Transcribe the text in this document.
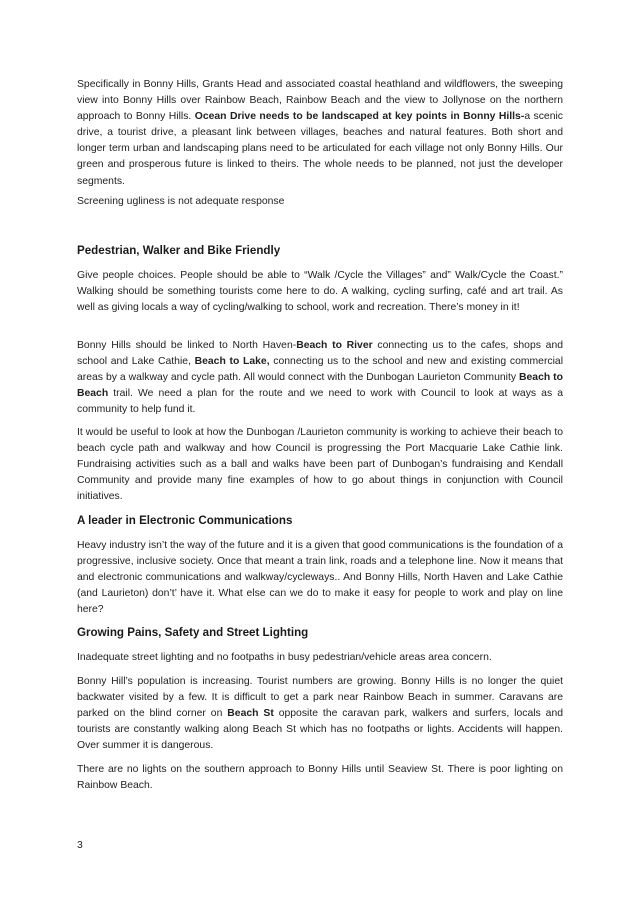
Specifically in Bonny Hills, Grants Head and associated coastal heathland and wildflowers, the sweeping view into Bonny Hills over Rainbow Beach, Rainbow Beach and the view to Jollynose on the northern approach to Bonny Hills. Ocean Drive needs to be landscaped at key points in Bonny Hills-a scenic drive, a tourist drive, a pleasant link between villages, beaches and natural features. Both short and longer term urban and landscaping plans need to be articulated for each village not only Bonny Hills. Our green and prosperous future is linked to theirs. The whole needs to be planned, not just the developer segments.

Screening ugliness is not adequate response

Pedestrian, Walker and Bike Friendly

Give people choices. People should be able to “Walk /Cycle the Villages” and” Walk/Cycle the Coast.” Walking should be something tourists come here to do. A walking, cycling surfing, café and art trail. As well as giving locals a way of cycling/walking to school, work and recreation. There’s money in it!

Bonny Hills should be linked to North Haven-Beach to River connecting us to the cafes, shops and school and Lake Cathie, Beach to Lake, connecting us to the school and new and existing commercial areas by a walkway and cycle path. All would connect with the Dunbogan Laurieton Community Beach to Beach trail. We need a plan for the route and we need to work with Council to look at ways as a community to help fund it.

It would be useful to look at how the Dunbogan /Laurieton community is working to achieve their beach to beach cycle path and walkway and how Council is progressing the Port Macquarie Lake Cathie link. Fundraising activities such as a ball and walks have been part of Dunbogan’s fundraising and Kendall Community and provide many fine examples of how to go about things in conjunction with Council initiatives.

A leader in Electronic Communications

Heavy industry isn’t the way of the future and it is a given that good communications is the foundation of a progressive, inclusive society. Once that meant a train link, roads and a telephone line. Now it means that and electronic communications and walkway/cycleways.. And Bonny Hills, North Haven and Lake Cathie (and Laurieton) don’t’ have it. What else can we do to make it easy for people to work and play on line here?

Growing Pains, Safety and Street Lighting

Inadequate street lighting and no footpaths in busy pedestrian/vehicle areas area concern.

Bonny Hill’s population is increasing. Tourist numbers are growing. Bonny Hills is no longer the quiet backwater visited by a few. It is difficult to get a park near Rainbow Beach in summer. Caravans are parked on the blind corner on Beach St opposite the caravan park, walkers and surfers, locals and tourists are constantly walking along Beach St which has no footpaths or lights. Accidents will happen. Over summer it is dangerous.

There are no lights on the southern approach to Bonny Hills until Seaview St. There is poor lighting on Rainbow Beach.

3
